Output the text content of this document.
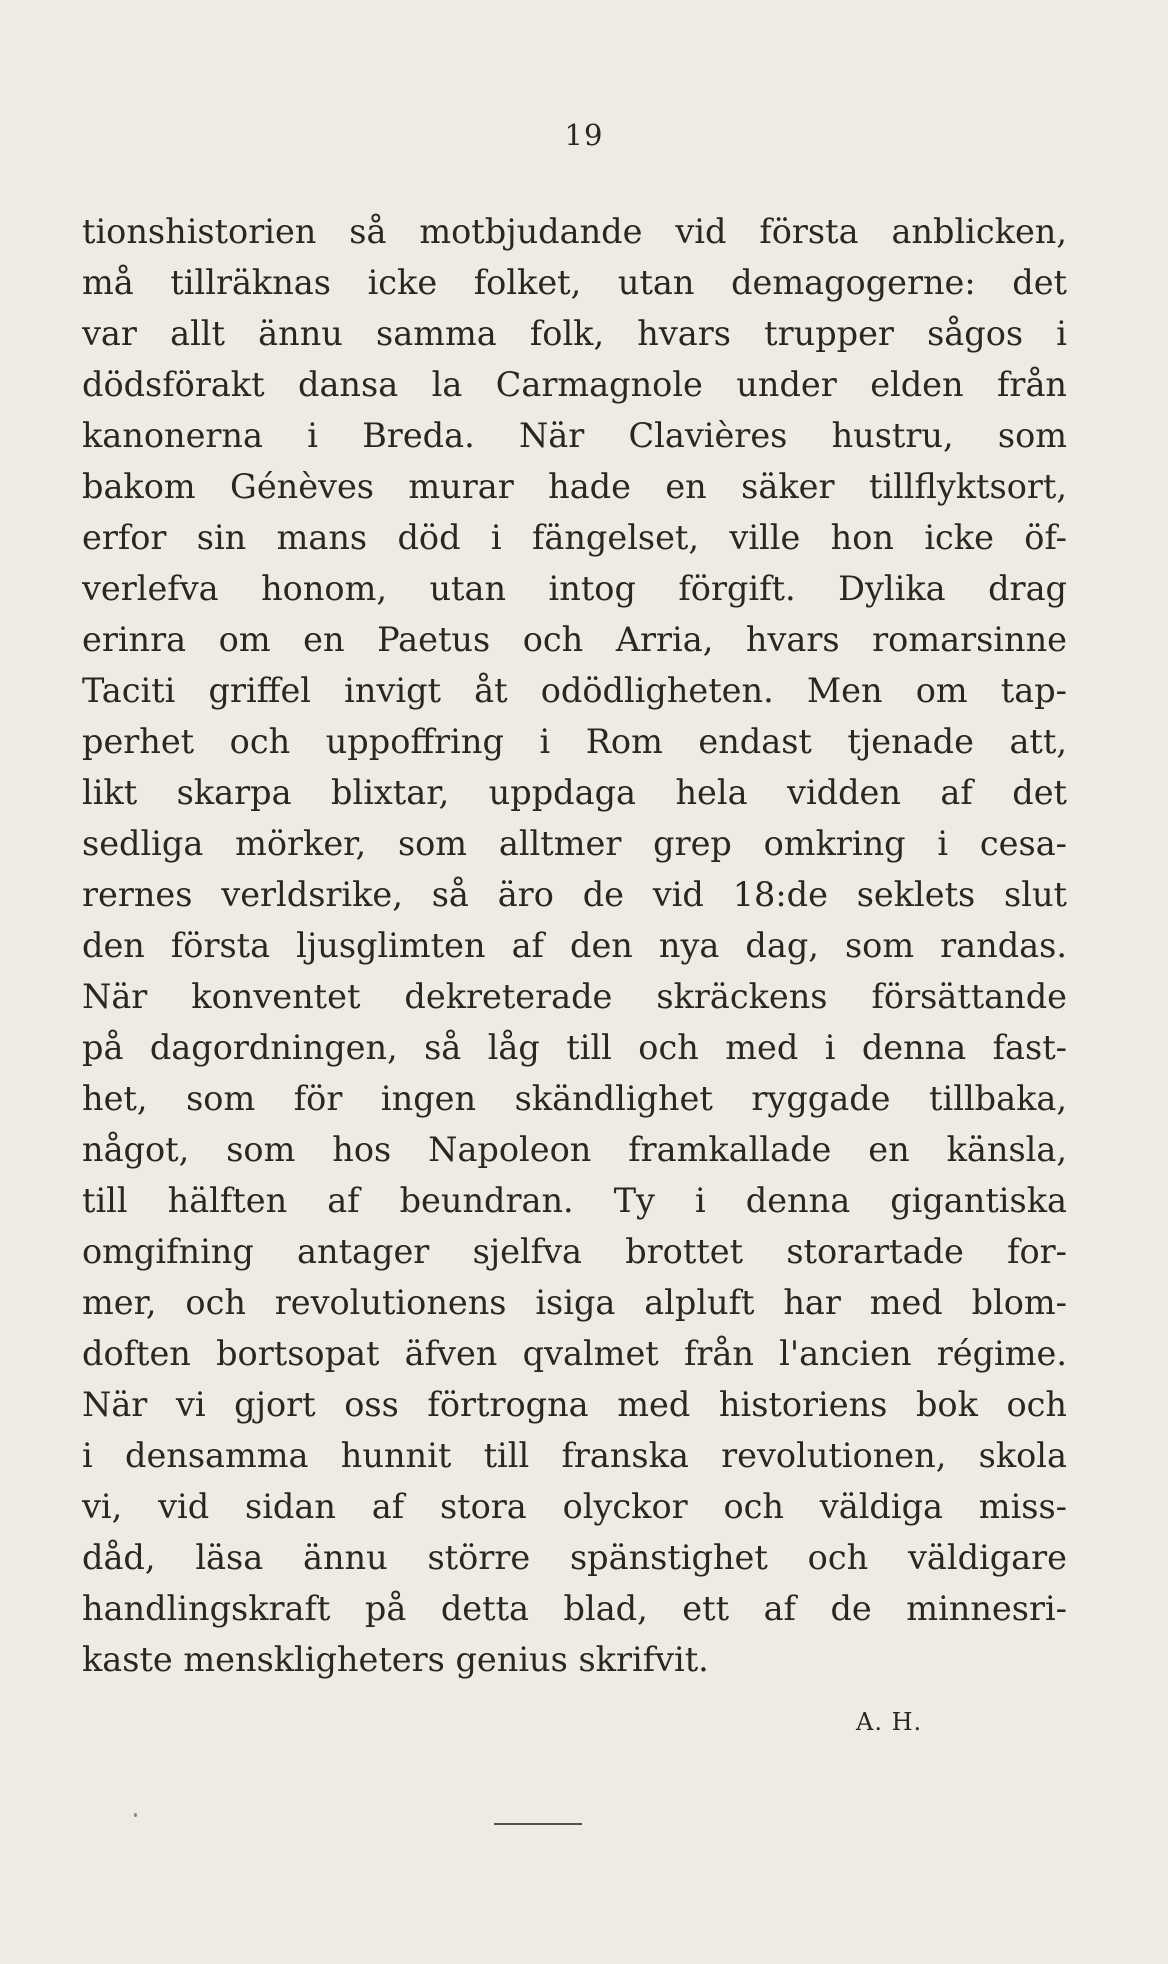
19
tionshistorien så motbjudande vid första anblicken,
må tillräknas icke folket, utan demagogerne: det
var allt ännu samma folk, hvars trupper sågos i
dödsförakt dansa la Carmagnole under elden från
kanonerna i Breda. När Clavières hustru, som
bakom Génèves murar hade en säker tillflyktsort,
erfor sin mans död i fängelset, ville hon icke öf-
verlefva honom, utan intog förgift. Dylika drag
erinra om en Paetus och Arria, hvars romarsinne
Taciti griffel invigt åt odödligheten. Men om tap-
perhet och uppoffring i Rom endast tjenade att,
likt skarpa blixtar, uppdaga hela vidden af det
sedliga mörker, som alltmer grep omkring i cesa-
rernes verldsrike, så äro de vid 18:de seklets slut
den första ljusglimten af den nya dag, som randas.
När konventet dekreterade skräckens försättande
på dagordningen, så låg till och med i denna fast-
het, som för ingen skändlighet ryggade tillbaka,
något, som hos Napoleon framkallade en känsla,
till hälften af beundran. Ty i denna gigantiska
omgifning antager sjelfva brottet storartade for-
mer, och revolutionens isiga alpluft har med blom-
doften bortsopat äfven qvalmet från l'ancien régime.
När vi gjort oss förtrogna med historiens bok och
i densamma hunnit till franska revolutionen, skola
vi, vid sidan af stora olyckor och väldiga miss-
dåd, läsa ännu större spänstighet och väldigare
handlingskraft på detta blad, ett af de minnesri-
kaste menskligheters genius skrifvit.
A. H.
